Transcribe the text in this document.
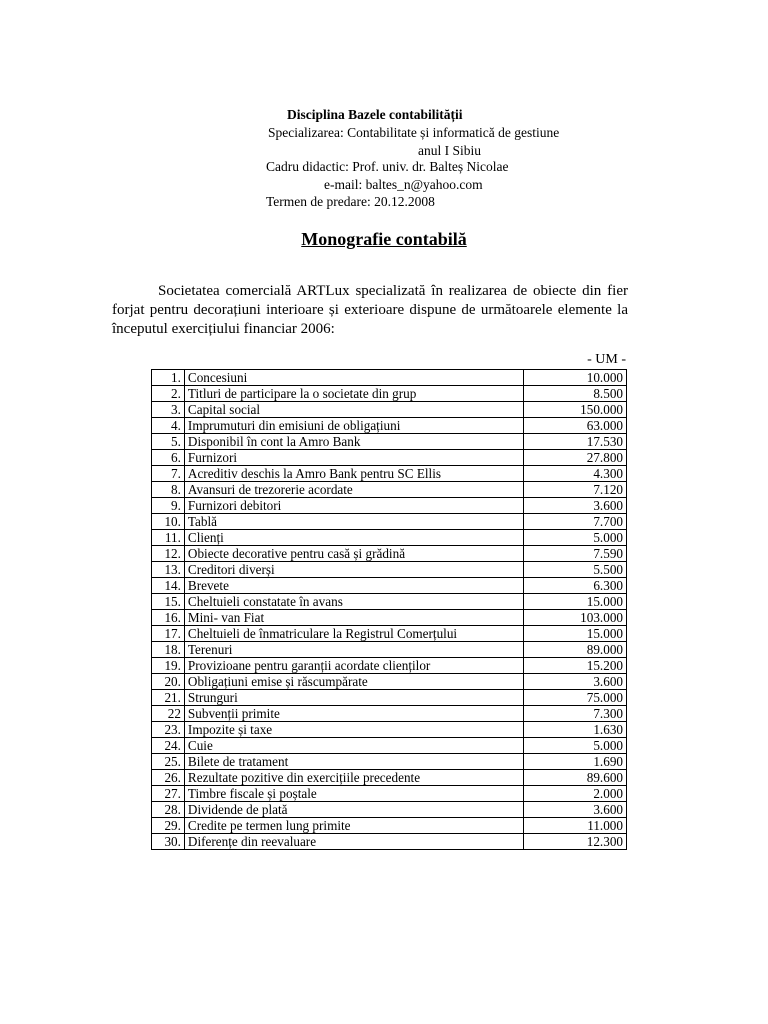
Disciplina Bazele contabilității
Specializarea: Contabilitate și informatică de gestiune
anul I Sibiu
Cadru didactic: Prof. univ. dr. Balteș Nicolae
e-mail: baltes_n@yahoo.com
Termen de predare: 20.12.2008
Monografie contabilă
Societatea comercială ARTLux specializată în realizarea de obiecte din fier forjat pentru decorațiuni interioare și exterioare dispune de următoarele elemente la începutul exercițiului financiar 2006:
- UM -
1.	Concesiuni	10.000
2.	Titluri de participare la o societate din grup	8.500
3.	Capital social	150.000
4.	Imprumuturi din emisiuni de obligațiuni	63.000
5.	Disponibil în cont la Amro Bank	17.530
6.	Furnizori	27.800
7.	Acreditiv deschis la Amro Bank pentru SC Ellis	4.300
8.	Avansuri de trezorerie acordate	7.120
9.	Furnizori debitori	3.600
10.	Tablă	7.700
11.	Clienți	5.000
12.	Obiecte decorative pentru casă și grădină	7.590
13.	Creditori diverși	5.500
14.	Brevete	6.300
15.	Cheltuieli constatate în avans	15.000
16.	Mini- van Fiat	103.000
17.	Cheltuieli de înmatriculare la Registrul Comerțului	15.000
18.	Terenuri	89.000
19.	Provizioane pentru garanții acordate clienților	15.200
20.	Obligațiuni emise și răscumpărate	3.600
21.	Strunguri	75.000
22	Subvenții primite	7.300
23.	Impozite și taxe	1.630
24.	Cuie	5.000
25.	Bilete de tratament	1.690
26.	Rezultate pozitive din exercițiile precedente	89.600
27.	Timbre fiscale și poștale	2.000
28.	Dividende de plată	3.600
29.	Credite pe termen lung primite	11.000
30.	Diferențe din reevaluare	12.300
